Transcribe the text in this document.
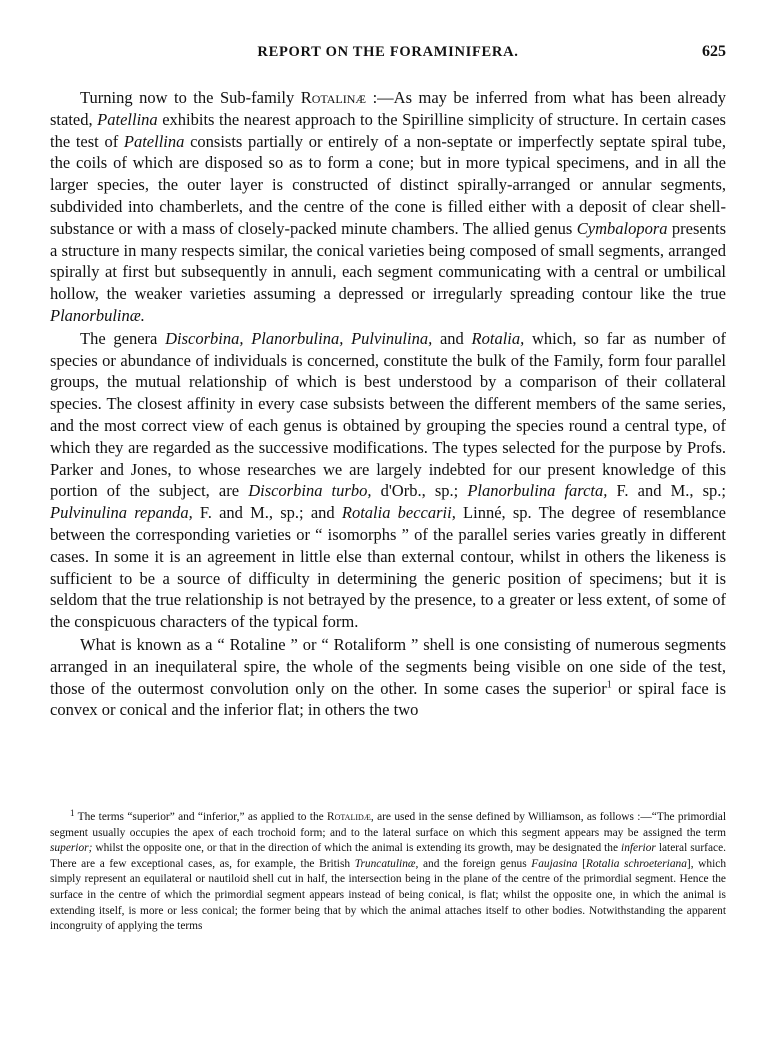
REPORT ON THE FORAMINIFERA.	625

Turning now to the Sub-family Rotalinæ :—As may be inferred from what has been already stated, Patellina exhibits the nearest approach to the Spirilline simplicity of structure. In certain cases the test of Patellina consists partially or entirely of a non-septate or imperfectly septate spiral tube, the coils of which are disposed so as to form a cone; but in more typical specimens, and in all the larger species, the outer layer is constructed of distinct spirally-arranged or annular segments, subdivided into chamberlets, and the centre of the cone is filled either with a deposit of clear shell-substance or with a mass of closely-packed minute chambers. The allied genus Cymbalopora presents a structure in many respects similar, the conical varieties being composed of small segments, arranged spirally at first but subsequently in annuli, each segment communicating with a central or umbilical hollow, the weaker varieties assuming a depressed or irregularly spreading contour like the true Planorbulinæ.

The genera Discorbina, Planorbulina, Pulvinulina, and Rotalia, which, so far as number of species or abundance of individuals is concerned, constitute the bulk of the Family, form four parallel groups, the mutual relationship of which is best understood by a comparison of their collateral species. The closest affinity in every case subsists between the different members of the same series, and the most correct view of each genus is obtained by grouping the species round a central type, of which they are regarded as the successive modifications. The types selected for the purpose by Profs. Parker and Jones, to whose researches we are largely indebted for our present knowledge of this portion of the subject, are Discorbina turbo, d'Orb., sp.; Planorbulina farcta, F. and M., sp.; Pulvinulina repanda, F. and M., sp.; and Rotalia beccarii, Linné, sp. The degree of resemblance between the corresponding varieties or “ isomorphs ” of the parallel series varies greatly in different cases. In some it is an agreement in little else than external contour, whilst in others the likeness is sufficient to be a source of difficulty in determining the generic position of specimens; but it is seldom that the true relationship is not betrayed by the presence, to a greater or less extent, of some of the conspicuous characters of the typical form.

What is known as a “ Rotaline ” or “ Rotaliform ” shell is one consisting of numerous segments arranged in an inequilateral spire, the whole of the segments being visible on one side of the test, those of the outermost convolution only on the other. In some cases the superior$^1$ or spiral face is convex or conical and the inferior flat; in others the two

$^1$ The terms “superior” and “inferior,” as applied to the Rotalidæ, are used in the sense defined by Williamson, as follows :—“The primordial segment usually occupies the apex of each trochoid form; and to the lateral surface on which this segment appears may be assigned the term superior; whilst the opposite one, or that in the direction of which the animal is extending its growth, may be designated the inferior lateral surface. There are a few exceptional cases, as, for example, the British Truncatulinæ, and the foreign genus Faujasina [Rotalia schroeteriana], which simply represent an equilateral or nautiloid shell cut in half, the intersection being in the plane of the centre of the primordial segment. Hence the surface in the centre of which the primordial segment appears instead of being conical, is flat; whilst the opposite one, in which the animal is extending itself, is more or less conical; the former being that by which the animal attaches itself to other bodies. Notwithstanding the apparent incongruity of applying the terms
